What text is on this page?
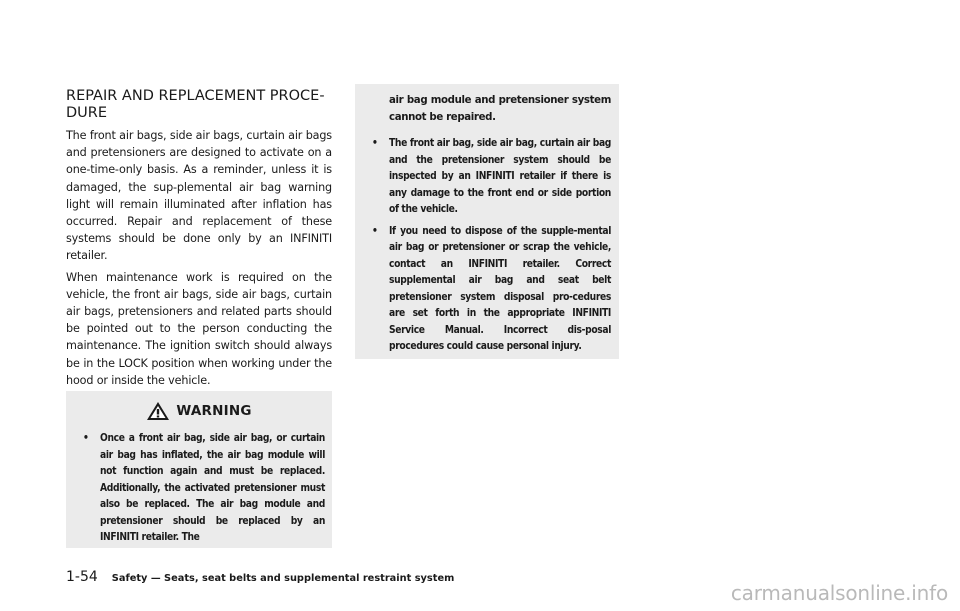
REPAIR AND REPLACEMENT PROCE-DURE

The front air bags, side air bags, curtain air bags and pretensioners are designed to activate on a one-time-only basis. As a reminder, unless it is damaged, the sup-plemental air bag warning light will remain illuminated after inflation has occurred. Repair and replacement of these systems should be done only by an INFINITI retailer.

When maintenance work is required on the vehicle, the front air bags, side air bags, curtain air bags, pretensioners and related parts should be pointed out to the person conducting the maintenance. The ignition switch should always be in the LOCK position when working under the hood or inside the vehicle.

WARNING
• Once a front air bag, side air bag, or curtain air bag has inflated, the air bag module will not function again and must be replaced. Additionally, the activated pretensioner must also be replaced. The air bag module and pretensioner should be replaced by an INFINITI retailer. The
air bag module and pretensioner system cannot be repaired.
• The front air bag, side air bag, curtain air bag and the pretensioner system should be inspected by an INFINITI retailer if there is any damage to the front end or side portion of the vehicle.
• If you need to dispose of the supple-mental air bag or pretensioner or scrap the vehicle, contact an INFINITI retailer. Correct supplemental air bag and seat belt pretensioner system disposal pro-cedures are set forth in the appropriate INFINITI Service Manual. Incorrect dis-posal procedures could cause personal injury.
1-54 Safety — Seats, seat belts and supplemental restraint system
carmanualsonline.info
